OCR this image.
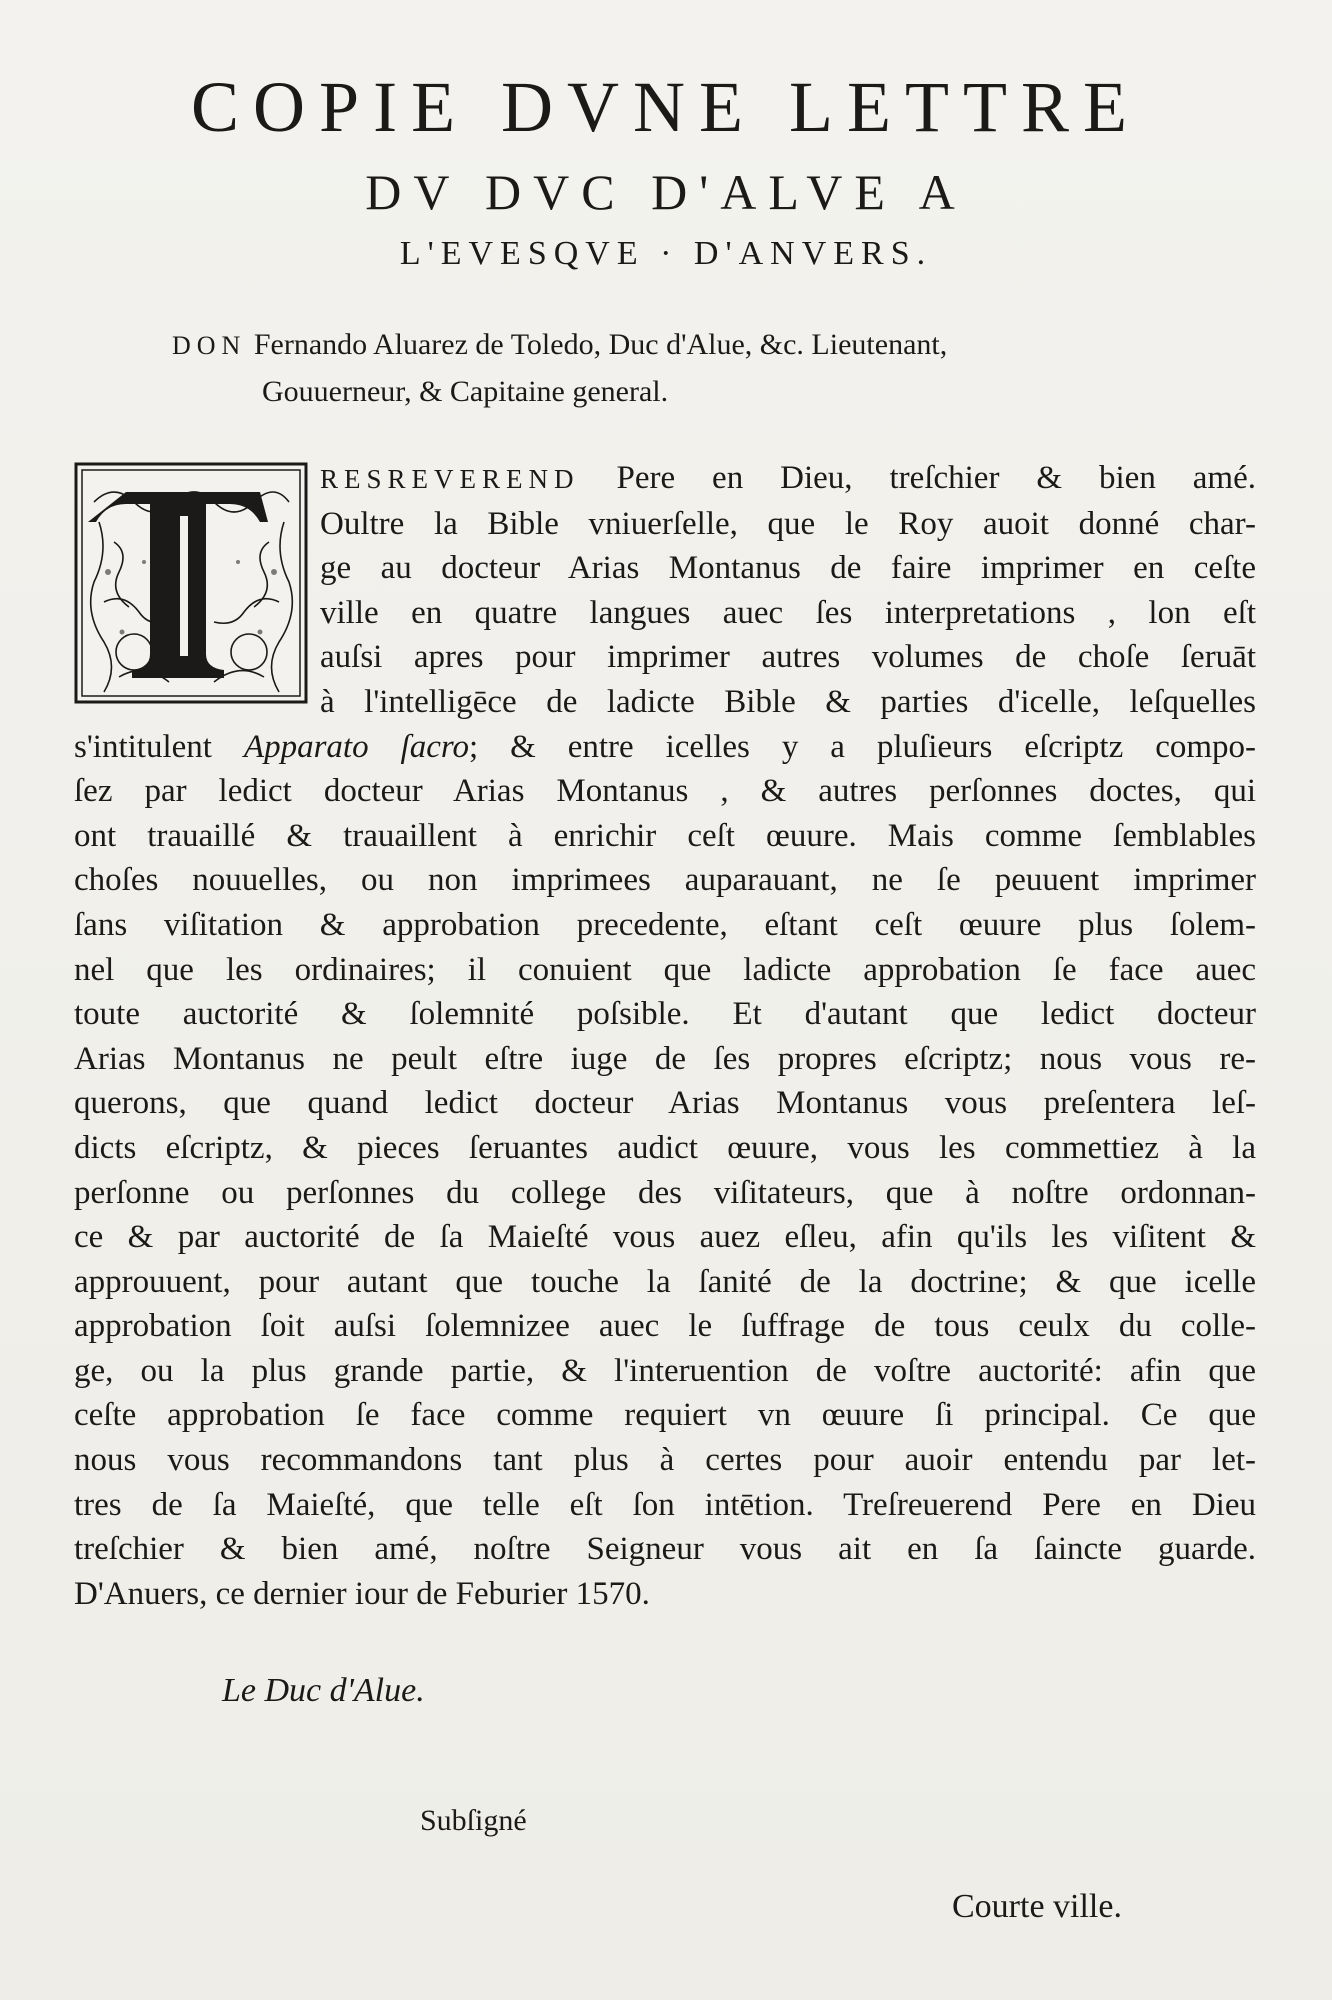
COPIE DVNE LETTRE
DV DVC D'ALVE A
L'EVESQVE · D'ANVERS.
DON Fernando Aluarez de Toledo, Duc d'Alue, &c. Lieutenant,
Gouuerneur, & Capitaine general.
RESREVEREND Pere en Dieu, treſchier & bien amé.
Oultre la Bible vniuerſelle, que le Roy auoit donné char-
ge au docteur Arias Montanus de faire imprimer en ceſte
ville en quatre langues auec ſes interpretations , lon eſt
auſsi apres pour imprimer autres volumes de choſe ſeruāt
à l'intelligēce de ladicte Bible & parties d'icelle, leſquelles
s'intitulent Apparato ſacro; & entre icelles y a pluſieurs eſcriptz compo-
ſez par ledict docteur Arias Montanus , & autres perſonnes doctes, qui
ont trauaillé & trauaillent à enrichir ceſt œuure. Mais comme ſemblables
choſes nouuelles, ou non imprimees auparauant, ne ſe peuuent imprimer
ſans viſitation & approbation precedente, eſtant ceſt œuure plus ſolem-
nel que les ordinaires; il conuient que ladicte approbation ſe face auec
toute auctorité & ſolemnité poſsible. Et d'autant que ledict docteur
Arias Montanus ne peult eſtre iuge de ſes propres eſcriptz; nous vous re-
querons, que quand ledict docteur Arias Montanus vous preſentera leſ-
dicts eſcriptz, & pieces ſeruantes audict œuure, vous les commettiez à la
perſonne ou perſonnes du college des viſitateurs, que à noſtre ordonnan-
ce & par auctorité de ſa Maieſté vous auez eſleu, afin qu'ils les viſitent &
approuuent, pour autant que touche la ſanité de la doctrine; & que icelle
approbation ſoit auſsi ſolemnizee auec le ſuffrage de tous ceulx du colle-
ge, ou la plus grande partie, & l'interuention de voſtre auctorité: afin que
ceſte approbation ſe face comme requiert vn œuure ſi principal. Ce que
nous vous recommandons tant plus à certes pour auoir entendu par let-
tres de ſa Maieſté, que telle eſt ſon intētion. Treſreuerend Pere en Dieu
treſchier & bien amé, noſtre Seigneur vous ait en ſa ſaincte guarde.
D'Anuers, ce dernier iour de Feburier 1570.
Le Duc d'Alue.
Subſigné
Courte ville.
